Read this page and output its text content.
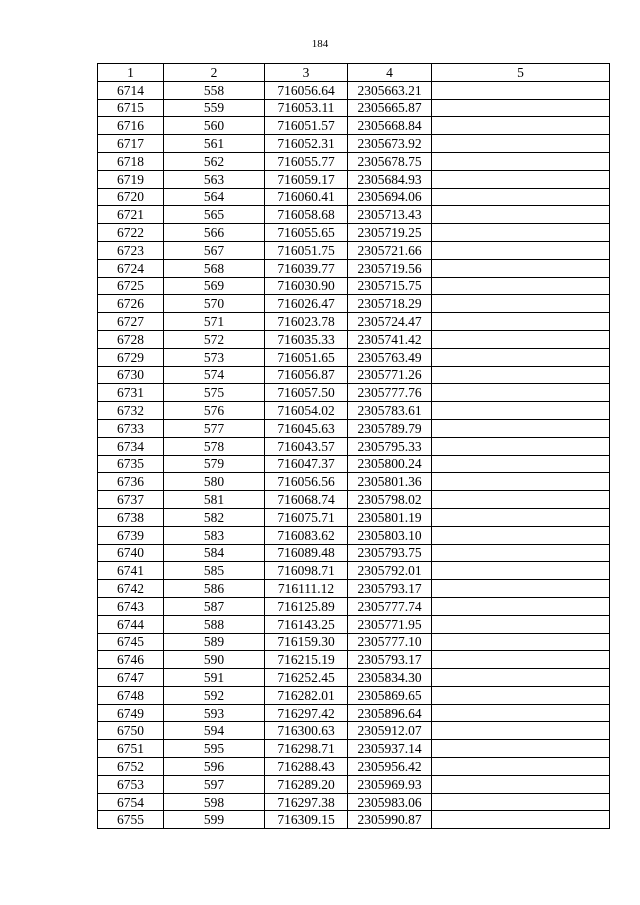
184
1	2	3	4	5
6714	558	716056.64	2305663.21	
6715	559	716053.11	2305665.87	
6716	560	716051.57	2305668.84	
6717	561	716052.31	2305673.92	
6718	562	716055.77	2305678.75	
6719	563	716059.17	2305684.93	
6720	564	716060.41	2305694.06	
6721	565	716058.68	2305713.43	
6722	566	716055.65	2305719.25	
6723	567	716051.75	2305721.66	
6724	568	716039.77	2305719.56	
6725	569	716030.90	2305715.75	
6726	570	716026.47	2305718.29	
6727	571	716023.78	2305724.47	
6728	572	716035.33	2305741.42	
6729	573	716051.65	2305763.49	
6730	574	716056.87	2305771.26	
6731	575	716057.50	2305777.76	
6732	576	716054.02	2305783.61	
6733	577	716045.63	2305789.79	
6734	578	716043.57	2305795.33	
6735	579	716047.37	2305800.24	
6736	580	716056.56	2305801.36	
6737	581	716068.74	2305798.02	
6738	582	716075.71	2305801.19	
6739	583	716083.62	2305803.10	
6740	584	716089.48	2305793.75	
6741	585	716098.71	2305792.01	
6742	586	716111.12	2305793.17	
6743	587	716125.89	2305777.74	
6744	588	716143.25	2305771.95	
6745	589	716159.30	2305777.10	
6746	590	716215.19	2305793.17	
6747	591	716252.45	2305834.30	
6748	592	716282.01	2305869.65	
6749	593	716297.42	2305896.64	
6750	594	716300.63	2305912.07	
6751	595	716298.71	2305937.14	
6752	596	716288.43	2305956.42	
6753	597	716289.20	2305969.93	
6754	598	716297.38	2305983.06	
6755	599	716309.15	2305990.87	
